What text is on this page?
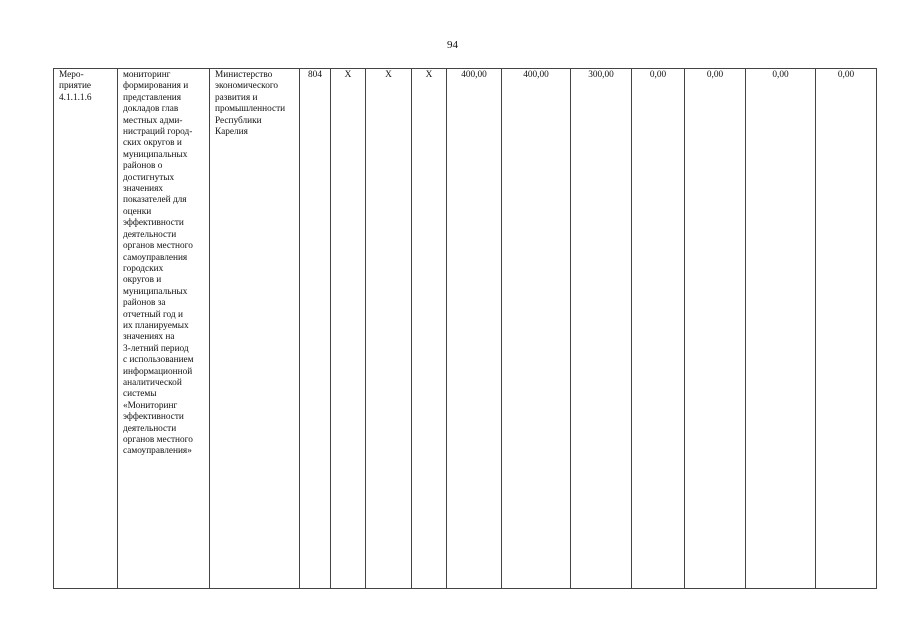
94
Меро-
приятие
4.1.1.1.6

мониторинг
формирования и
представления
докладов глав
местных адми-
нистраций город-
ских округов и
муниципальных
районов о
достигнутых
значениях
показателей для
оценки
эффективности
деятельности
органов местного
самоуправления
городских
округов и
муниципальных
районов за
отчетный год и
их планируемых
значениях на
3-летний период
с использованием
информационной
аналитической
системы
«Мониторинг
эффективности
деятельности
органов местного
самоуправления»

Министерство
экономического
развития и
промышленности
Республики
Карелия
	804	X	X	X	400,00	400,00	300,00	0,00	0,00	0,00	0,00
